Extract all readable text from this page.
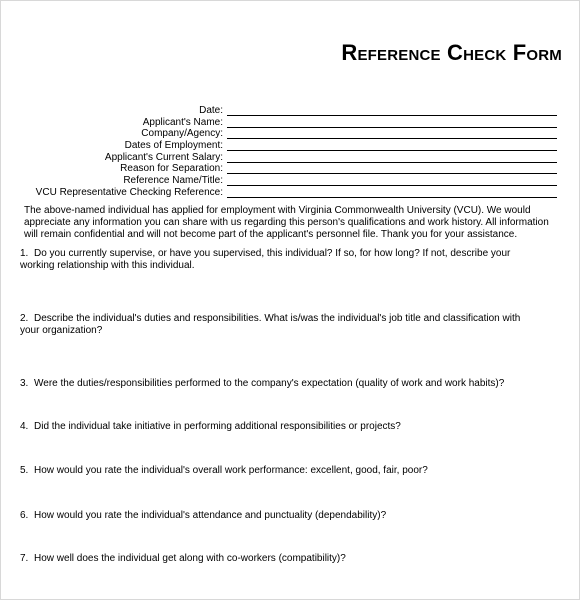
Reference Check Form
Date:
Applicant's Name:
Company/Agency:
Dates of Employment:
Applicant's Current Salary:
Reason for Separation:
Reference Name/Title:
VCU Representative Checking Reference:
The above-named individual has applied for employment with Virginia Commonwealth University (VCU). We would appreciate any information you can share with us regarding this person's qualifications and work history. All information will remain confidential and will not become part of the applicant's personnel file. Thank you for your assistance.
1. Do you currently supervise, or have you supervised, this individual? If so, for how long? If not, describe your working relationship with this individual.
2. Describe the individual's duties and responsibilities. What is/was the individual's job title and classification with your organization?
3. Were the duties/responsibilities performed to the company's expectation (quality of work and work habits)?
4. Did the individual take initiative in performing additional responsibilities or projects?
5. How would you rate the individual's overall work performance: excellent, good, fair, poor?
6. How would you rate the individual's attendance and punctuality (dependability)?
7. How well does the individual get along with co-workers (compatibility)?
